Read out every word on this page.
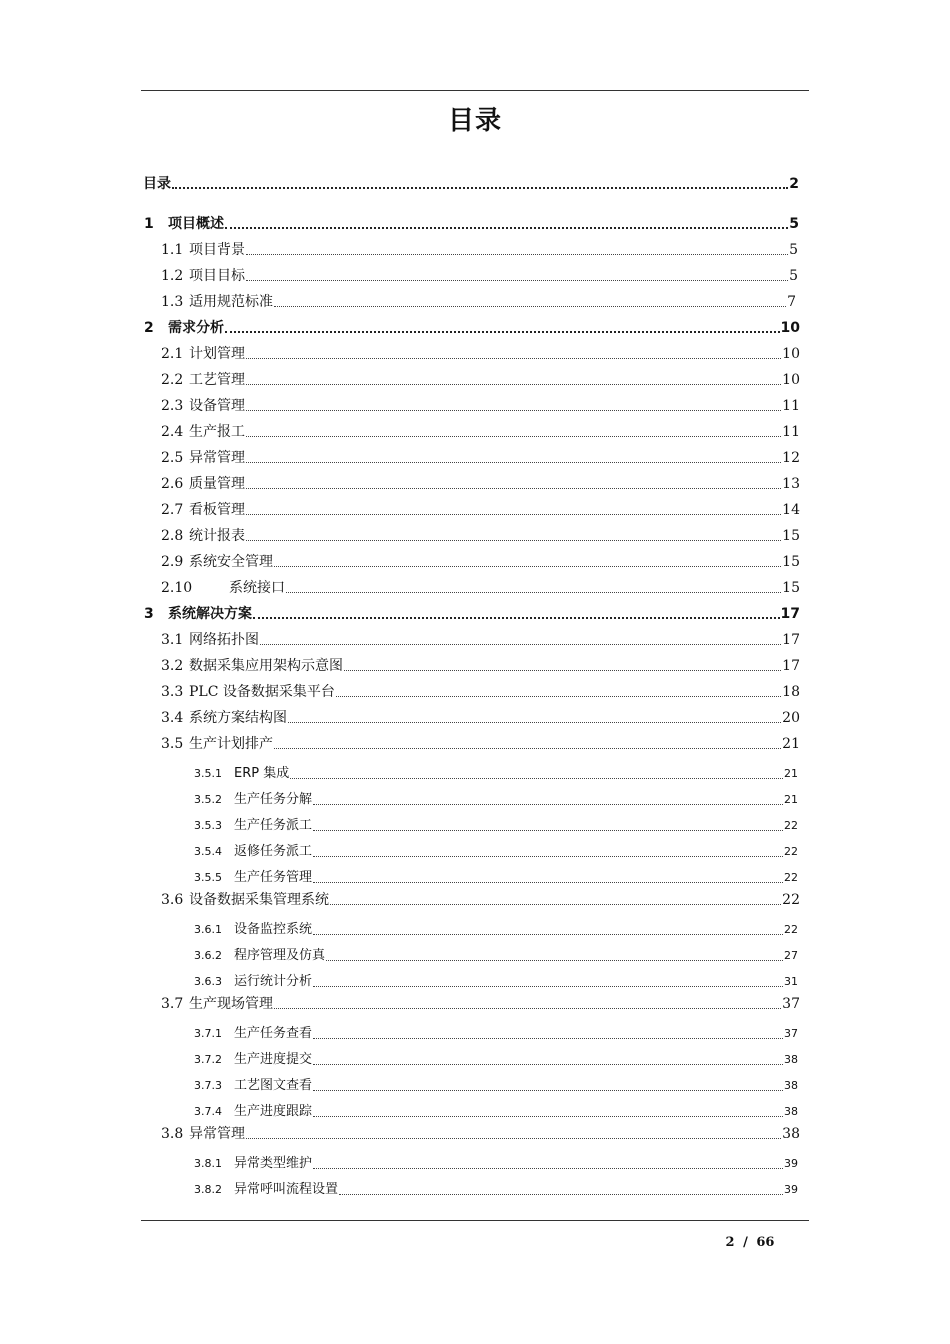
目录
目录	2
1	项目概述	5
1.1 项目背景	5
1.2 项目目标	5
1.3 适用规范标准	7
2	需求分析	10
2.1 计划管理	10
2.2 工艺管理	10
2.3 设备管理	11
2.4 生产报工	11
2.5 异常管理	12
2.6 质量管理	13
2.7 看板管理	14
2.8 统计报表	15
2.9 系统安全管理	15
2.10	系统接口	15
3	系统解决方案	17
3.1 网络拓扑图	17
3.2 数据采集应用架构示意图	17
3.3 PLC 设备数据采集平台	18
3.4 系统方案结构图	20
3.5 生产计划排产	21
3.5.1 ERP 集成	21
3.5.2 生产任务分解	21
3.5.3 生产任务派工	22
3.5.4 返修任务派工	22
3.5.5 生产任务管理	22
3.6 设备数据采集管理系统	22
3.6.1 设备监控系统	22
3.6.2 程序管理及仿真	27
3.6.3 运行统计分析	31
3.7 生产现场管理	37
3.7.1 生产任务查看	37
3.7.2 生产进度提交	38
3.7.3 工艺图文查看	38
3.7.4 生产进度跟踪	38
3.8 异常管理	38
3.8.1 异常类型维护	39
3.8.2 异常呼叫流程设置	39
2 / 66
